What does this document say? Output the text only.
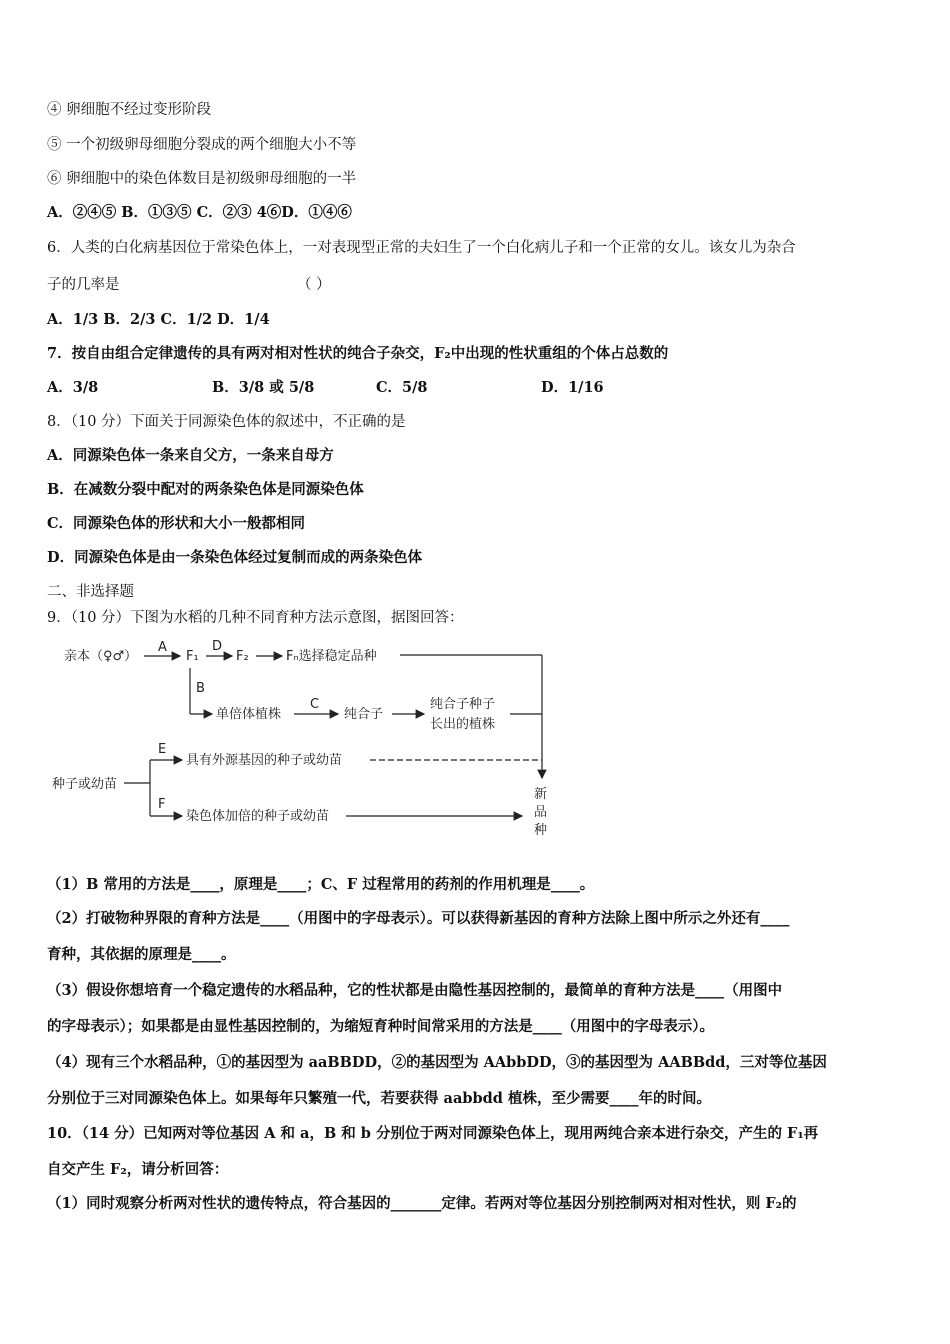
④ 卵细胞不经过变形阶段
⑤ 一个初级卵母细胞分裂成的两个细胞大小不等
⑥ 卵细胞中的染色体数目是初级卵母细胞的一半
A．②④⑤ B．①③⑤ C．②③ 4⑥D．①④⑥
6．人类的白化病基因位于常染色体上，一对表现型正常的夫妇生了一个白化病儿子和一个正常的女儿。该女儿为杂合
子的几率是	（ ）
A．1/3 B．2/3 C．1/2 D．1/4
7．按自由组合定律遗传的具有两对相对性状的纯合子杂交，F₂中出现的性状重组的个体占总数的
A．3/8	B．3/8 或 5/8	C．5/8	D．1/16
8．（10 分）下面关于同源染色体的叙述中，不正确的是
A．同源染色体一条来自父方，一条来自母方
B．在减数分裂中配对的两条染色体是同源染色体
C．同源染色体的形状和大小一般都相同
D．同源染色体是由一条染色体经过复制而成的两条染色体
二、非选择题
9．（10 分）下图为水稻的几种不同育种方法示意图，据图回答：
亲本（♀♂）
A
F₁
D
F₂	Fₙ选择稳定品种
B
单倍体植株
C
纯合子
纯合子种子
长出的植株
种子或幼苗
E
具有外源基因的种子或幼苗
F
染色体加倍的种子或幼苗
新
品
种
（1）B 常用的方法是____，原理是____；C、F 过程常用的药剂的作用机理是____。
（2）打破物种界限的育种方法是____（用图中的字母表示）。可以获得新基因的育种方法除上图中所示之外还有____
育种，其依据的原理是____。
（3）假设你想培育一个稳定遗传的水稻品种，它的性状都是由隐性基因控制的，最简单的育种方法是____（用图中
的字母表示）；如果都是由显性基因控制的，为缩短育种时间常采用的方法是____（用图中的字母表示）。
（4）现有三个水稻品种，①的基因型为 aaBBDD，②的基因型为 AAbbDD，③的基因型为 AABBdd，三对等位基因
分别位于三对同源染色体上。如果每年只繁殖一代，若要获得 aabbdd 植株，至少需要____年的时间。
10．（14 分）已知两对等位基因 A 和 a，B 和 b 分别位于两对同源染色体上，现用两纯合亲本进行杂交，产生的 F₁再
自交产生 F₂，请分析回答：
（1）同时观察分析两对性状的遗传特点，符合基因的_______定律。若两对等位基因分别控制两对相对性状，则 F₂的
